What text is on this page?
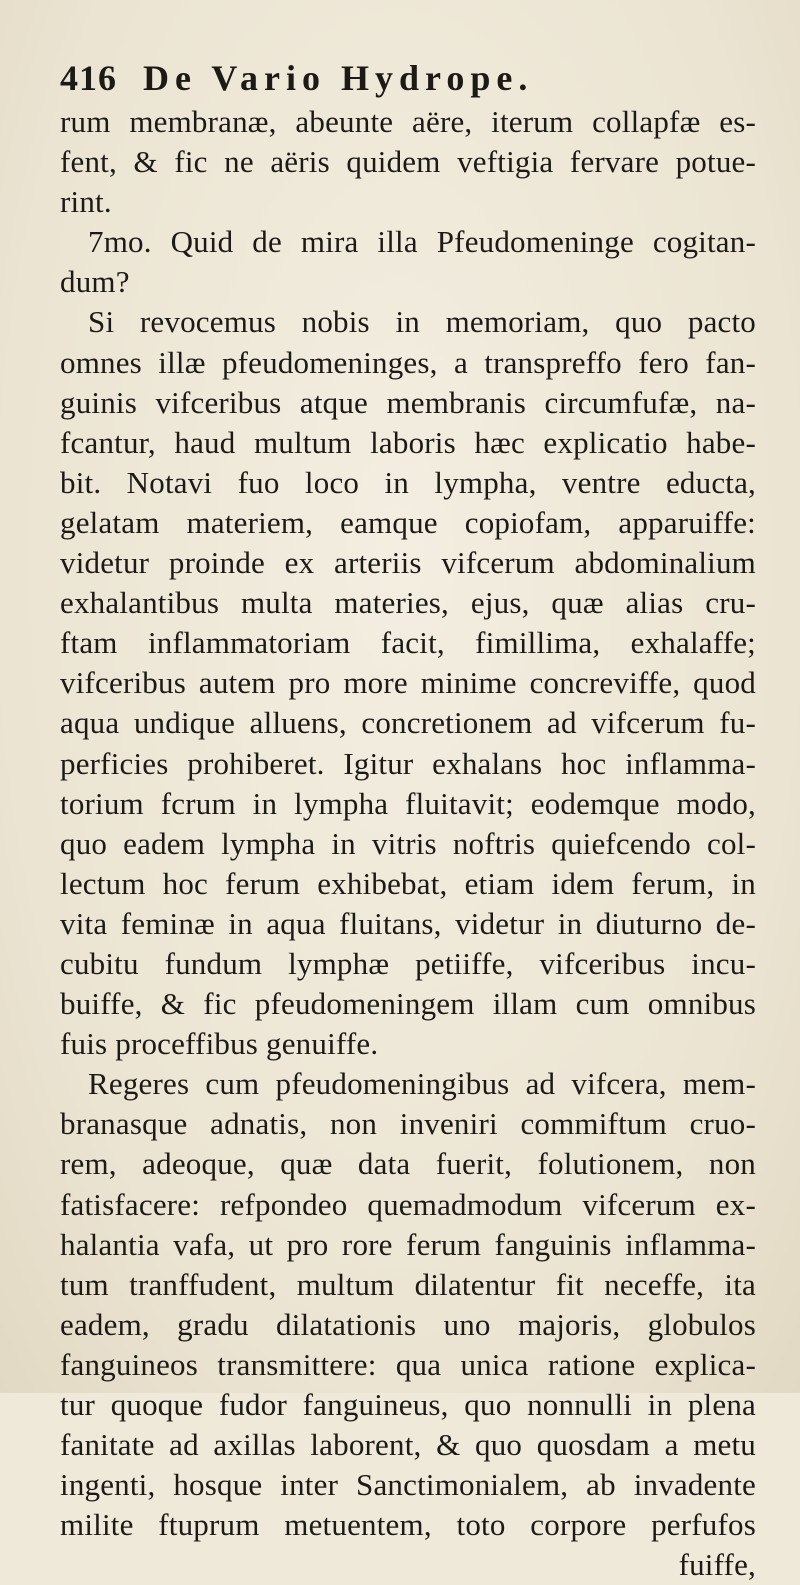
416 De Vario Hydrope.
rum membranæ, abeunte aëre, iterum collapfæ es-
fent, & fic ne aëris quidem veftigia fervare potue-
rint.
7mo. Quid de mira illa Pfeudomeninge cogitan-
dum?
Si revocemus nobis in memoriam, quo pacto
omnes illæ pfeudomeninges, a transpreffo fero fan-
guinis vifceribus atque membranis circumfufæ, na-
fcantur, haud multum laboris hæc explicatio habe-
bit. Notavi fuo loco in lympha, ventre educta,
gelatam materiem, eamque copiofam, apparuiffe:
videtur proinde ex arteriis vifcerum abdominalium
exhalantibus multa materies, ejus, quæ alias cru-
ftam inflammatoriam facit, fimillima, exhalaffe;
vifceribus autem pro more minime concreviffe, quod
aqua undique alluens, concretionem ad vifcerum fu-
perficies prohiberet. Igitur exhalans hoc inflamma-
torium fcrum in lympha fluitavit; eodemque modo,
quo eadem lympha in vitris noftris quiefcendo col-
lectum hoc ferum exhibebat, etiam idem ferum, in
vita feminæ in aqua fluitans, videtur in diuturno de-
cubitu fundum lymphæ petiiffe, vifceribus incu-
buiffe, & fic pfeudomeningem illam cum omnibus
fuis proceffibus genuiffe.
Regeres cum pfeudomeningibus ad vifcera, mem-
branasque adnatis, non inveniri commiftum cruo-
rem, adeoque, quæ data fuerit, folutionem, non
fatisfacere: refpondeo quemadmodum vifcerum ex-
halantia vafa, ut pro rore ferum fanguinis inflamma-
tum tranffudent, multum dilatentur fit neceffe, ita
eadem, gradu dilatationis uno majoris, globulos
fanguineos transmittere: qua unica ratione explica-
tur quoque fudor fanguineus, quo nonnulli in plena
fanitate ad axillas laborent, & quo quosdam a metu
ingenti, hosque inter Sanctimonialem, ab invadente
milite ftuprum metuentem, toto corpore perfufos
fuiffe,
